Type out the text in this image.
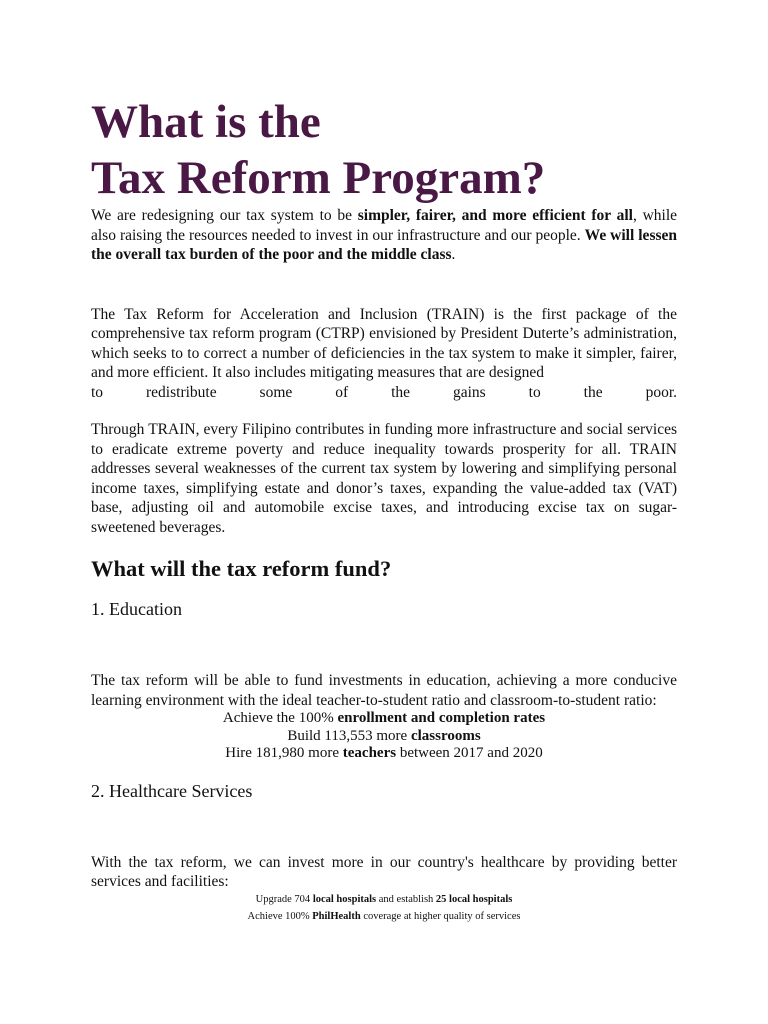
What is the
Tax Reform Program?

We are redesigning our tax system to be simpler, fairer, and more efficient for all, while also raising the resources needed to invest in our infrastructure and our people. We will lessen the overall tax burden of the poor and the middle class.

The Tax Reform for Acceleration and Inclusion (TRAIN) is the first package of the comprehensive tax reform program (CTRP) envisioned by President Duterte’s administration, which seeks to to correct a number of deficiencies in the tax system to make it simpler, fairer, and more efficient. It also includes mitigating measures that are designed

to redistribute some of the gains to the poor.

Through TRAIN, every Filipino contributes in funding more infrastructure and social services to eradicate extreme poverty and reduce inequality towards prosperity for all. TRAIN addresses several weaknesses of the current tax system by lowering and simplifying personal income taxes, simplifying estate and donor’s taxes, expanding the value-added tax (VAT) base, adjusting oil and automobile excise taxes, and introducing excise tax on sugar-sweetened beverages.

What will the tax reform fund?
1. Education

The tax reform will be able to fund investments in education, achieving a more conducive learning environment with the ideal teacher-to-student ratio and classroom-to-student ratio:

Achieve the 100% enrollment and completion rates
Build 113,553 more classrooms
Hire 181,980 more teachers between 2017 and 2020
2. Healthcare Services

With the tax reform, we can invest more in our country's healthcare by providing better services and facilities:

Upgrade 704 local hospitals and establish 25 local hospitals
Achieve 100% PhilHealth coverage at higher quality of services
